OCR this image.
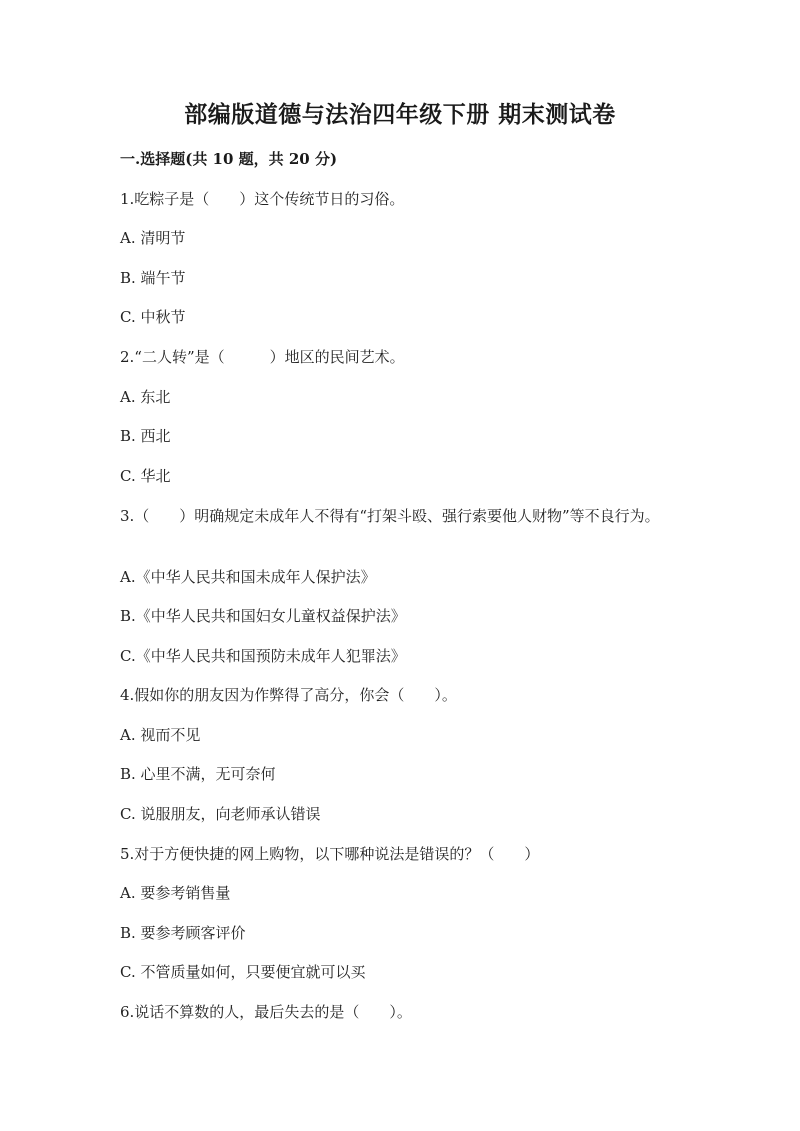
部编版道德与法治四年级下册 期末测试卷
一.选择题(共 10 题，共 20 分)
1.吃粽子是（　　）这个传统节日的习俗。
A. 清明节
B. 端午节
C. 中秋节
2.“二人转”是（　　　）地区的民间艺术。
A. 东北
B. 西北
C. 华北
3.（　　）明确规定未成年人不得有“打架斗殴、强行索要他人财物”等不良行为。
A.《中华人民共和国未成年人保护法》
B.《中华人民共和国妇女儿童权益保护法》
C.《中华人民共和国预防未成年人犯罪法》
4.假如你的朋友因为作弊得了高分，你会（　　）。
A. 视而不见
B. 心里不满，无可奈何
C. 说服朋友，向老师承认错误
5.对于方便快捷的网上购物，以下哪种说法是错误的？（　　）
A. 要参考销售量
B. 要参考顾客评价
C. 不管质量如何，只要便宜就可以买
6.说话不算数的人，最后失去的是（　　）。
